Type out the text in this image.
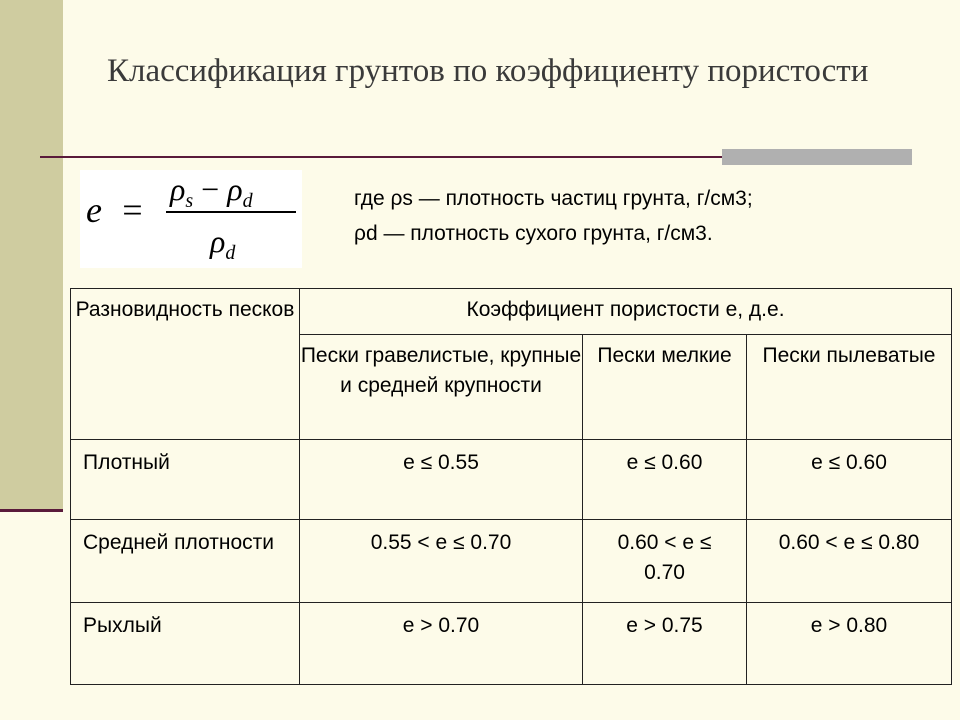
Классификация грунтов по коэффициенту пористости
e =
$\rho_s - \rho_d$
$\rho_d$
где ρs — плотность частиц грунта, г/см3;
ρd — плотность сухого грунта, г/см3.
Разновидность песков	Коэффициент пористости е, д.е.		
	Пески гравелистые, крупные и средней крупности	Пески мелкие	Пески пылеватые
Плотный	е ≤ 0.55	е ≤ 0.60	е ≤ 0.60
Средней плотности	0.55 < е ≤ 0.70	0.60 < е ≤ 0.70	0.60 < е ≤ 0.80
Рыхлый	е > 0.70	е > 0.75	е > 0.80
